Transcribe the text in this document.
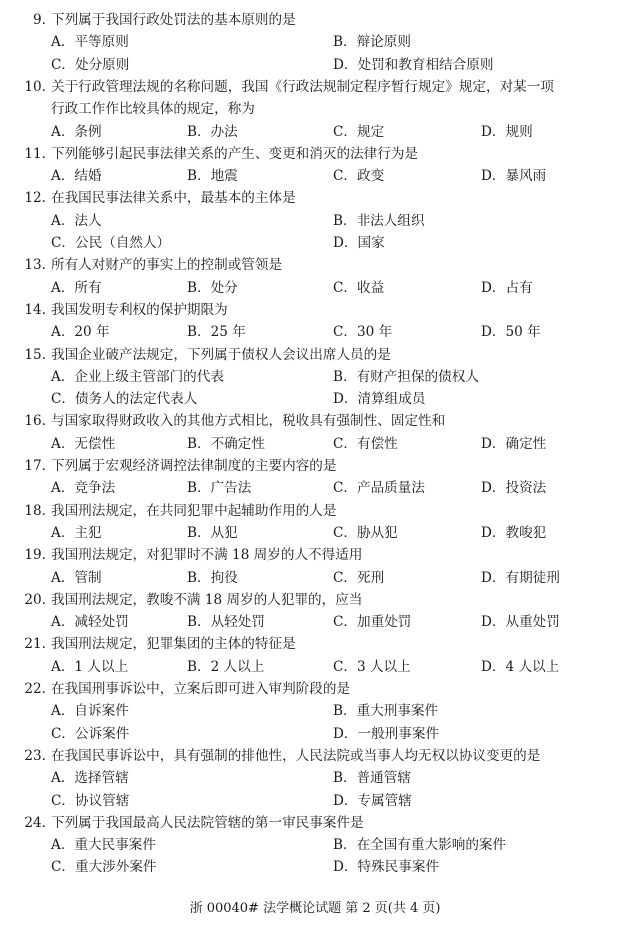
9. 下列属于我国行政处罚法的基本原则的是
A．平等原则	B．辩论原则
C．处分原则	D．处罚和教育相结合原则
10. 关于行政管理法规的名称问题，我国《行政法规制定程序暂行规定》规定，对某一项
行政工作作比较具体的规定，称为
A．条例	B．办法	C．规定	D．规则
11. 下列能够引起民事法律关系的产生、变更和消灭的法律行为是
A．结婚	B．地震	C．政变	D．暴风雨
12. 在我国民事法律关系中，最基本的主体是
A．法人	B．非法人组织
C．公民（自然人）	D．国家
13. 所有人对财产的事实上的控制或管领是
A．所有	B．处分	C．收益	D．占有
14. 我国发明专利权的保护期限为
A．20 年	B．25 年	C．30 年	D．50 年
15. 我国企业破产法规定，下列属于债权人会议出席人员的是
A．企业上级主管部门的代表	B．有财产担保的债权人
C．债务人的法定代表人	D．清算组成员
16. 与国家取得财政收入的其他方式相比，税收具有强制性、固定性和
A．无偿性	B．不确定性	C．有偿性	D．确定性
17. 下列属于宏观经济调控法律制度的主要内容的是
A．竞争法	B．广告法	C．产品质量法	D．投资法
18. 我国刑法规定，在共同犯罪中起辅助作用的人是
A．主犯	B．从犯	C．胁从犯	D．教唆犯
19. 我国刑法规定，对犯罪时不满 18 周岁的人不得适用
A．管制	B．拘役	C．死刑	D．有期徒刑
20. 我国刑法规定，教唆不满 18 周岁的人犯罪的，应当
A．减轻处罚	B．从轻处罚	C．加重处罚	D．从重处罚
21. 我国刑法规定，犯罪集团的主体的特征是
A．1 人以上	B．2 人以上	C．3 人以上	D．4 人以上
22. 在我国刑事诉讼中，立案后即可进入审判阶段的是
A．自诉案件	B．重大刑事案件
C．公诉案件	D．一般刑事案件
23. 在我国民事诉讼中，具有强制的排他性，人民法院或当事人均无权以协议变更的是
A．选择管辖	B．普通管辖
C．协议管辖	D．专属管辖
24. 下列属于我国最高人民法院管辖的第一审民事案件是
A．重大民事案件	B．在全国有重大影响的案件
C．重大涉外案件	D．特殊民事案件
浙 00040# 法学概论试题 第 2 页(共 4 页)
